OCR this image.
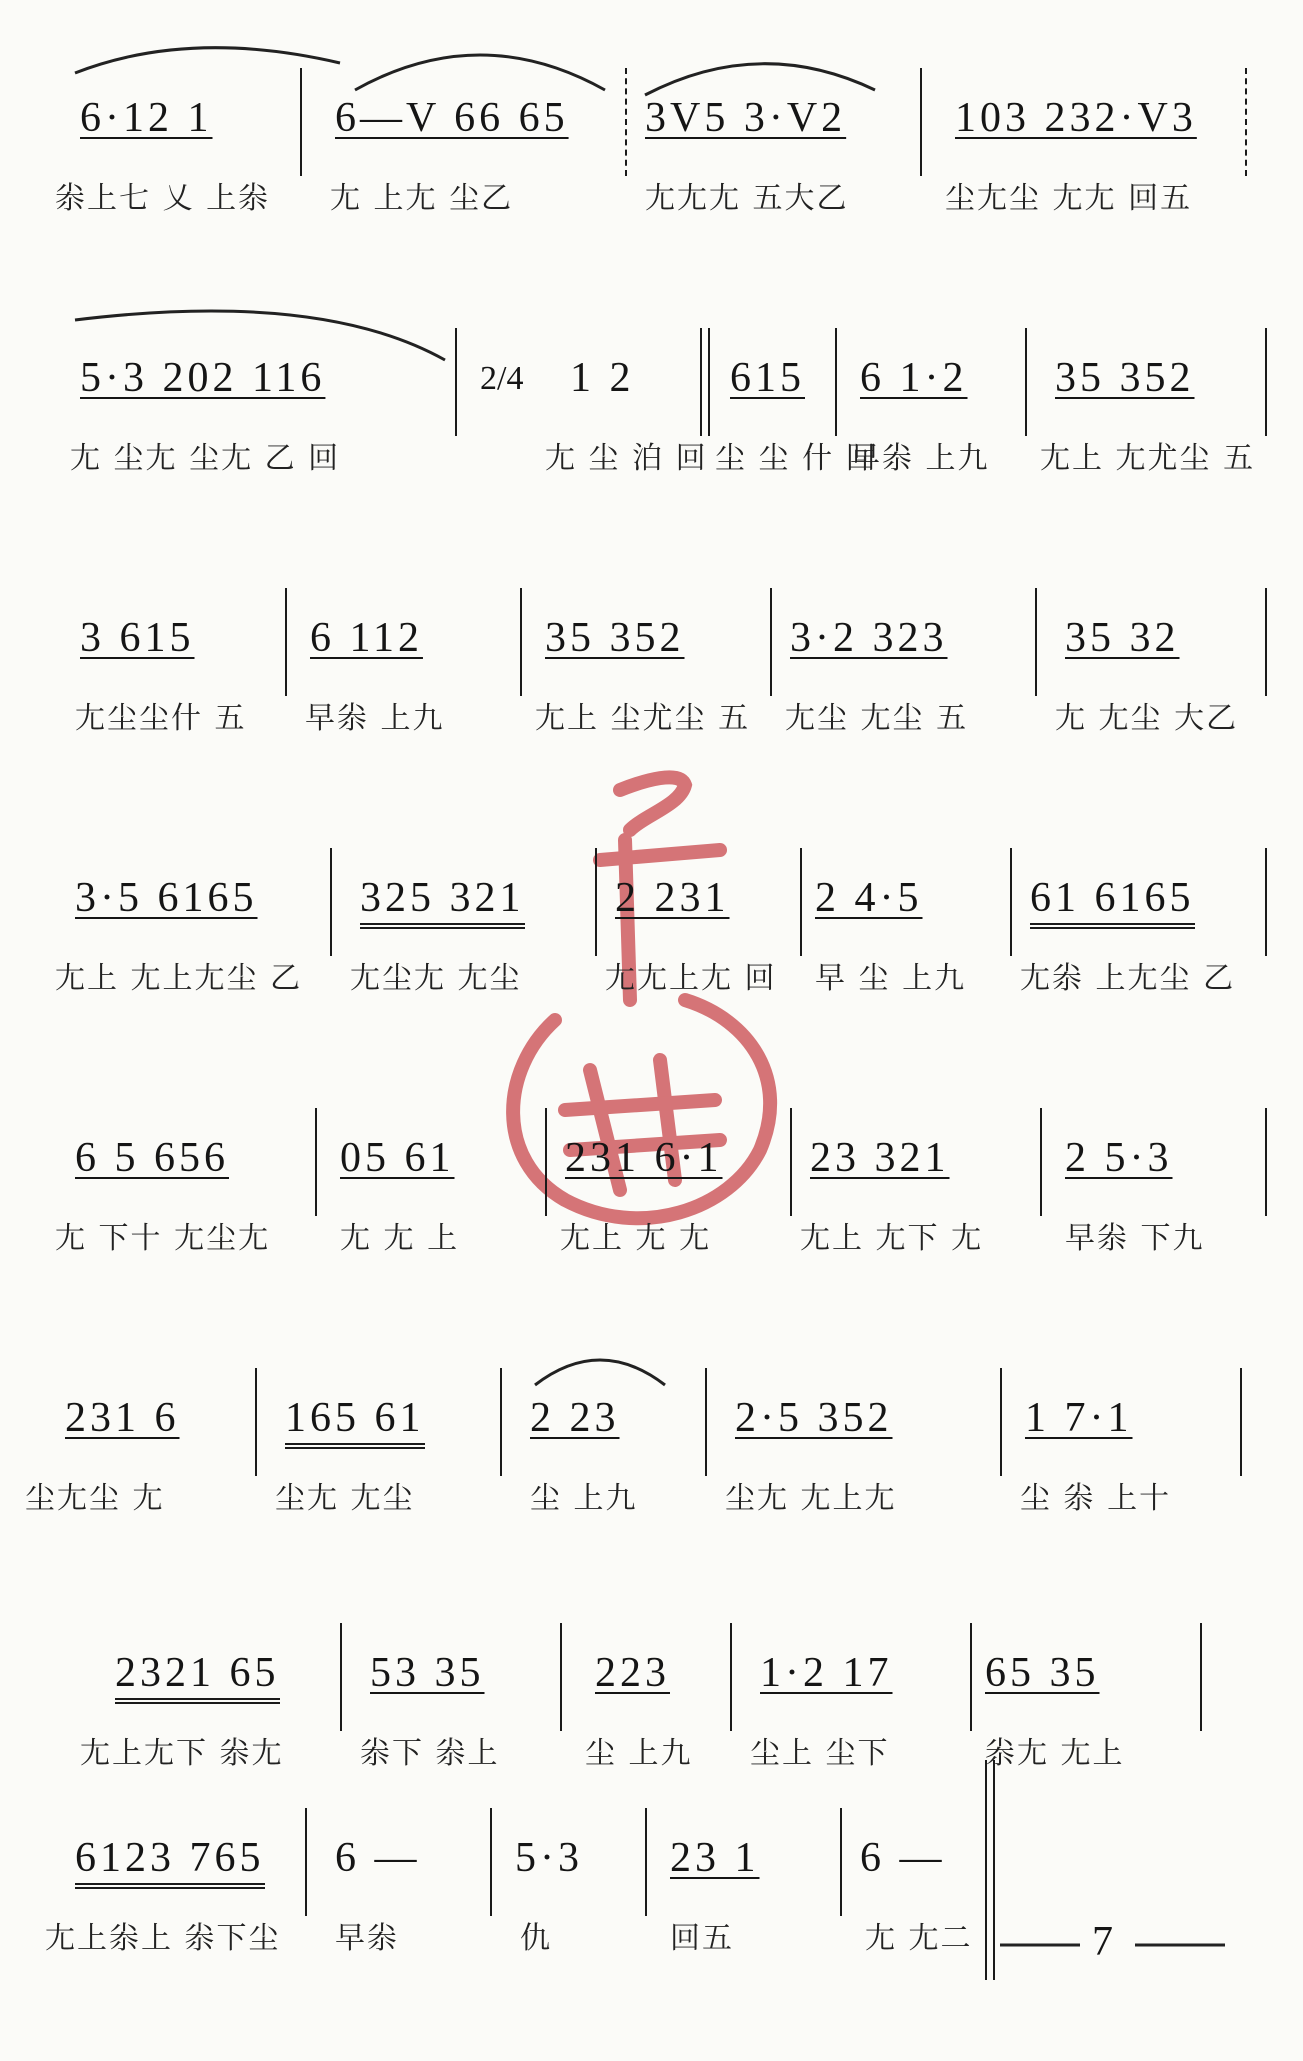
6·12 1
尜上七 乂 上尜
6—V 66 65
尢 上尢 尘乙
3V5 3·V2
尢尢尢 五大乙
103 232·V3
尘尢尘 尢尢 回五
5·3 202 116
尢 尘尢 尘尢 乙 回
2/4 1 2
尢 尘 泊 回
615
尘 尘 什 回
6 1·2
早尜 上九
35 352
尢上 尢尤尘 五
3 615
尢尘尘什 五
6 112
早尜 上九
35 352
尢上 尘尤尘 五
3·2 323
尢尘 尢尘 五
35 32
尢 尢尘 大乙
3·5 6165
尢上 尢上尢尘 乙
325 321
尢尘尢 尢尘
2 231
尢尢上尢 回
2 4·5
早 尘 上九
61 6165
尢尜 上尢尘 乙
6 5 656
尢 下十 尢尘尢
05 61
尢 尢 上
231 6·1
尢上 尢 尢
23 321
尢上 尢下 尢
2 5·3
早尜 下九
231 6
尘尢尘 尢
165 61
尘尢 尢尘
2 23
尘 上九
2·5 352
尘尢 尢上尢
1 7·1
尘 尜 上十
2321 65
尢上尢下 尜尢
53 35
尜下 尜上
223
尘 上九
1·2 17
尘上 尘下
65 35
尜尢 尢上
6123 765
尢上尜上 尜下尘
6 —
早尜
5·3
仇
23 1
回五
6 —
尢 尢二	7
